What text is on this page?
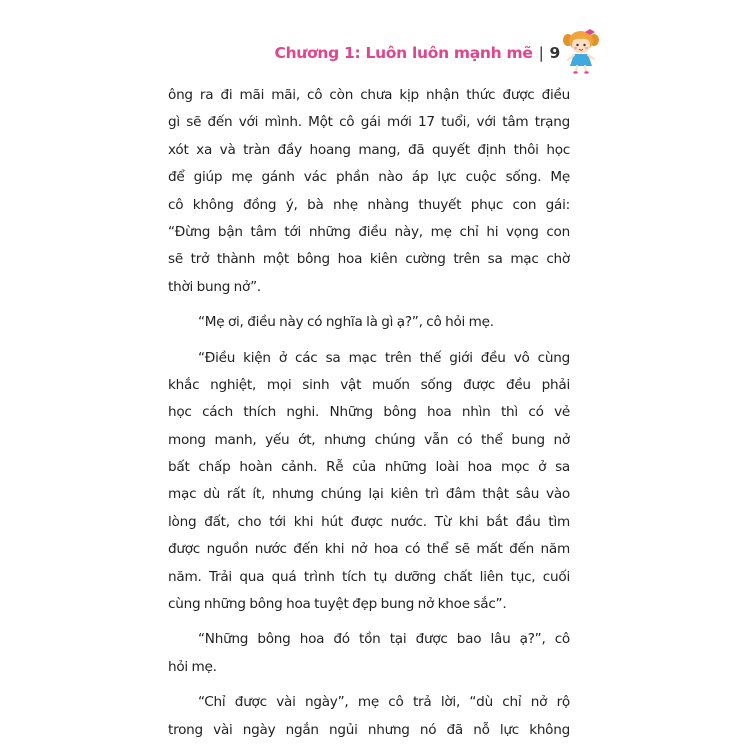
Chương 1: Luôn luôn mạnh mẽ | 9
ông ra đi mãi mãi, cô còn chưa kịp nhận thức được điều
gì sẽ đến với mình. Một cô gái mới 17 tuổi, với tâm trạng
xót xa và tràn đầy hoang mang, đã quyết định thôi học
để giúp mẹ gánh vác phần nào áp lực cuộc sống. Mẹ
cô không đồng ý, bà nhẹ nhàng thuyết phục con gái:
“Đừng bận tâm tới những điều này, mẹ chỉ hi vọng con
sẽ trở thành một bông hoa kiên cường trên sa mạc chờ
thời bung nở”.
“Mẹ ơi, điều này có nghĩa là gì ạ?”, cô hỏi mẹ.
“Điều kiện ở các sa mạc trên thế giới đều vô cùng
khắc nghiệt, mọi sinh vật muốn sống được đều phải
học cách thích nghi. Những bông hoa nhìn thì có vẻ
mong manh, yếu ớt, nhưng chúng vẫn có thể bung nở
bất chấp hoàn cảnh. Rễ của những loài hoa mọc ở sa
mạc dù rất ít, nhưng chúng lại kiên trì đâm thật sâu vào
lòng đất, cho tới khi hút được nước. Từ khi bắt đầu tìm
được nguồn nước đến khi nở hoa có thể sẽ mất đến năm
năm. Trải qua quá trình tích tụ dưỡng chất liên tục, cuối
cùng những bông hoa tuyệt đẹp bung nở khoe sắc”.
“Những bông hoa đó tồn tại được bao lâu ạ?”, cô
hỏi mẹ.
“Chỉ được vài ngày”, mẹ cô trả lời, “dù chỉ nở rộ
trong vài ngày ngắn ngủi nhưng nó đã nỗ lực không
